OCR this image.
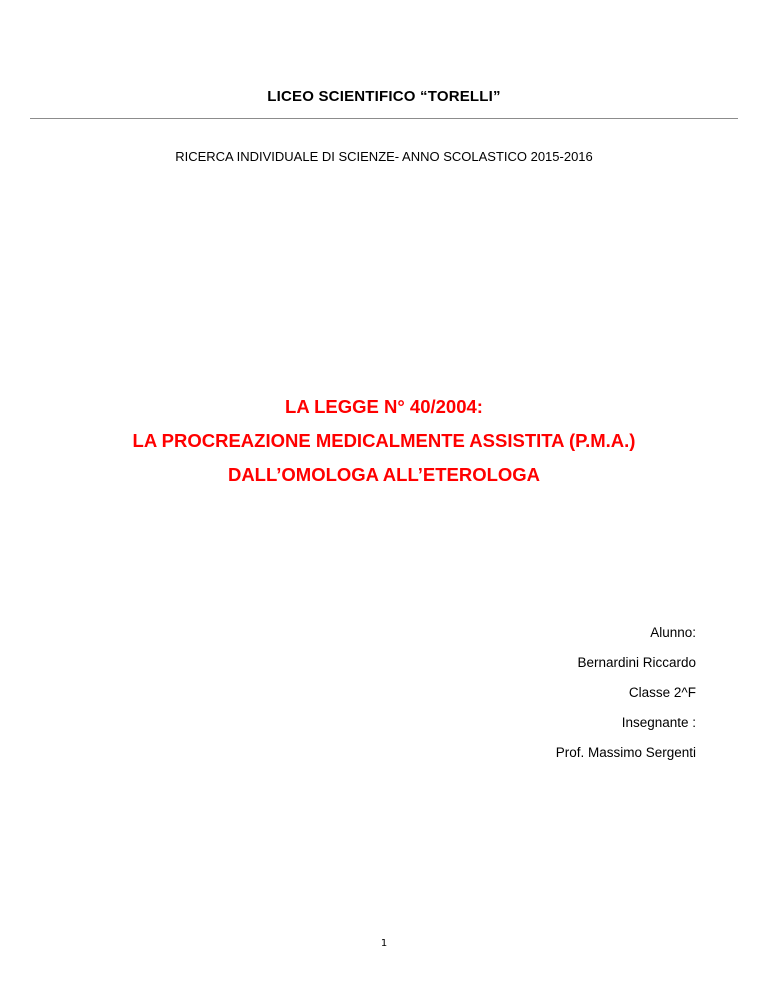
LICEO SCIENTIFICO “TORELLI”
RICERCA INDIVIDUALE DI SCIENZE- ANNO SCOLASTICO 2015-2016
LA LEGGE N° 40/2004:
LA PROCREAZIONE MEDICALMENTE ASSISTITA (P.M.A.)
DALL’OMOLOGA ALL’ETEROLOGA
Alunno:
Bernardini Riccardo
Classe 2^F
Insegnante :
Prof. Massimo Sergenti
1
